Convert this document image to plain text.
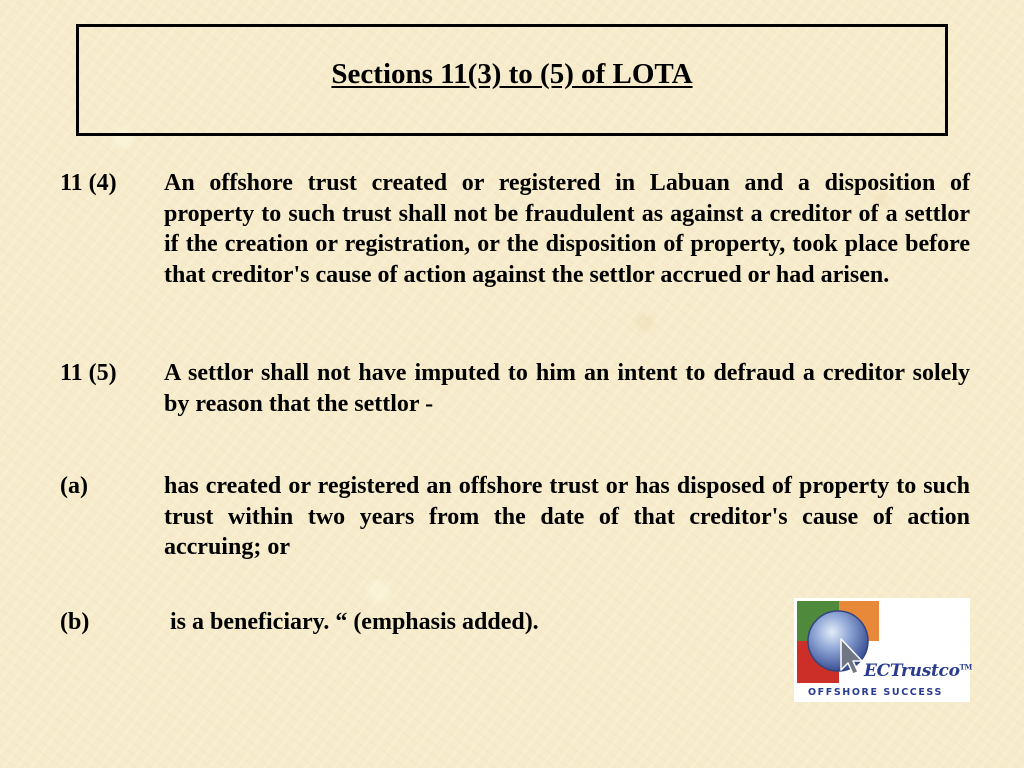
Sections 11(3) to (5) of LOTA
11 (4)	An offshore trust created or registered in Labuan and a disposition of property to such trust shall not be fraudulent as against a creditor of a settlor if the creation or registration, or the disposition of property, took place before that creditor's cause of action against the settlor accrued or had arisen.
11 (5)	A settlor shall not have imputed to him an intent to defraud a creditor solely by reason that the settlor -
(a)	has created or registered an offshore trust or has disposed of property to such trust within two years from the date of that creditor's cause of action accruing; or
(b)	is a beneficiary. “ (emphasis added).
ECTrustco™
OFFSHORE SUCCESS
